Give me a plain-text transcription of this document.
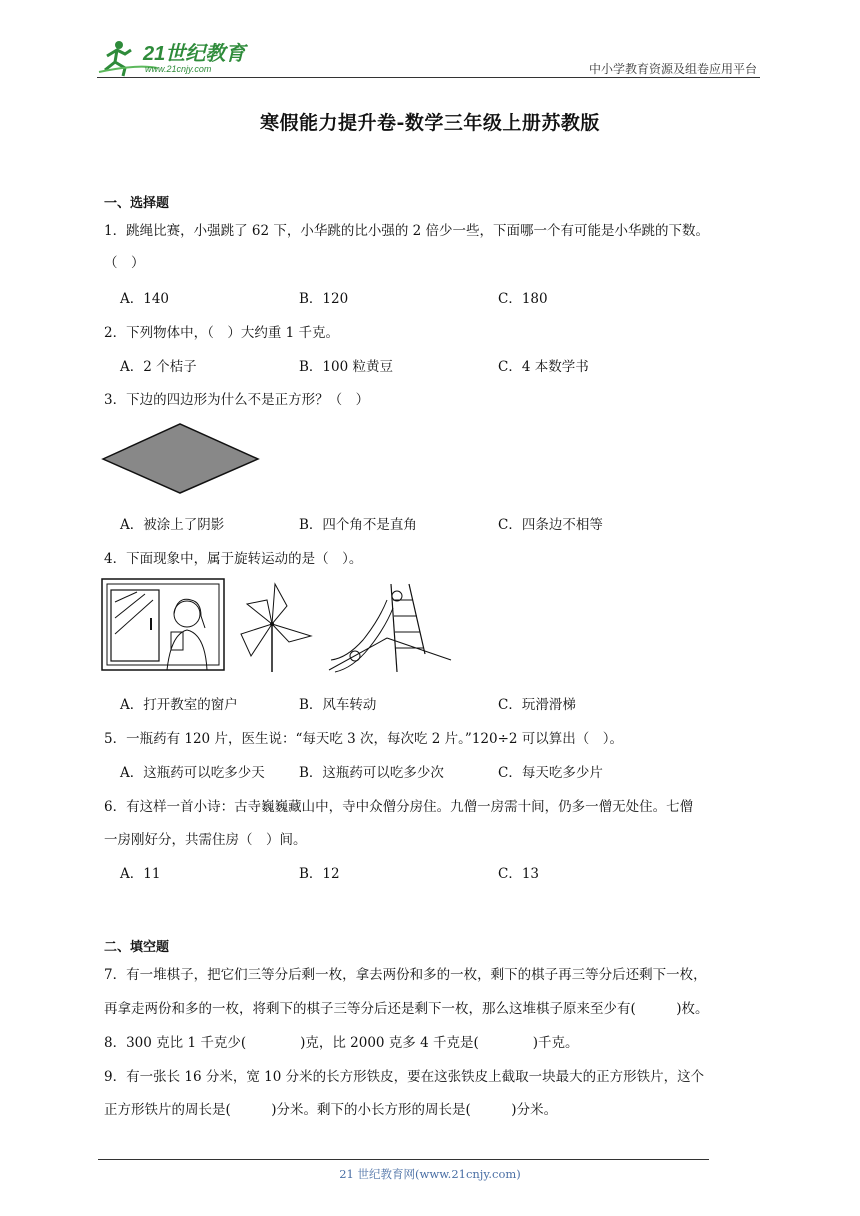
21世纪教育
www.21cnjy.com	中小学教育资源及组卷应用平台
寒假能力提升卷-数学三年级上册苏教版
一、选择题
1．跳绳比赛，小强跳了 62 下，小华跳的比小强的 2 倍少一些，下面哪一个有可能是小华跳的下数。
（　）
A．140	B．120	C．180
2．下列物体中，（　）大约重 1 千克。
A．2 个桔子	B．100 粒黄豆	C．4 本数学书
3．下边的四边形为什么不是正方形？（　）
A．被涂上了阴影	B．四个角不是直角	C．四条边不相等
4．下面现象中，属于旋转运动的是（　）。
A．打开教室的窗户	B．风车转动	C．玩滑滑梯
5．一瓶药有 120 片，医生说：“每天吃 3 次，每次吃 2 片。”120÷2 可以算出（　）。
A．这瓶药可以吃多少天	B．这瓶药可以吃多少次	C．每天吃多少片
6．有这样一首小诗：古寺巍巍藏山中，寺中众僧分房住。九僧一房需十间，仍多一僧无处住。七僧
一房刚好分，共需住房（　）间。
A．11	B．12	C．13
二、填空题
7．有一堆棋子，把它们三等分后剩一枚，拿去两份和多的一枚，剩下的棋子再三等分后还剩下一枚，
再拿走两份和多的一枚，将剩下的棋子三等分后还是剩下一枚，那么这堆棋子原来至少有(　　　)枚。
8．300 克比 1 千克少(　　　　)克，比 2000 克多 4 千克是(　　　　)千克。
9．有一张长 16 分米，宽 10 分米的长方形铁皮，要在这张铁皮上截取一块最大的正方形铁片，这个
正方形铁片的周长是(　　　)分米。剩下的小长方形的周长是(　　　)分米。
21 世纪教育网(www.21cnjy.com)
